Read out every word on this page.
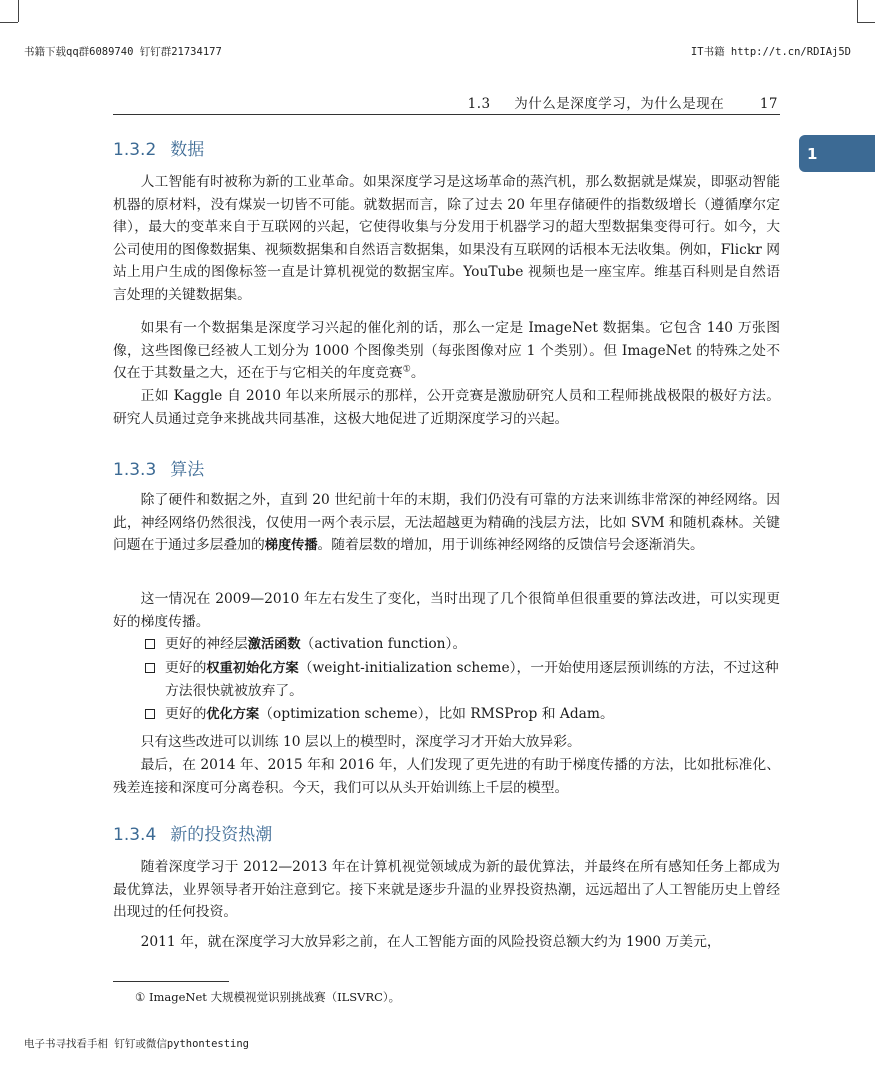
书籍下载qq群6089740 钉钉群21734177	IT书籍 http://t.cn/RDIAj5D
1.3 为什么是深度学习，为什么是现在	17
1
1.3.2 数据

人工智能有时被称为新的工业革命。如果深度学习是这场革命的蒸汽机，那么数据就是煤炭，即驱动智能机器的原材料，没有煤炭一切皆不可能。就数据而言，除了过去 20 年里存储硬件的指数级增长（遵循摩尔定律），最大的变革来自于互联网的兴起，它使得收集与分发用于机器学习的超大型数据集变得可行。如今，大公司使用的图像数据集、视频数据集和自然语言数据集，如果没有互联网的话根本无法收集。例如，Flickr 网站上用户生成的图像标签一直是计算机视觉的数据宝库。YouTube 视频也是一座宝库。维基百科则是自然语言处理的关键数据集。

如果有一个数据集是深度学习兴起的催化剂的话，那么一定是 ImageNet 数据集。它包含 140 万张图像，这些图像已经被人工划分为 1000 个图像类别（每张图像对应 1 个类别）。但 ImageNet 的特殊之处不仅在于其数量之大，还在于与它相关的年度竞赛①。

正如 Kaggle 自 2010 年以来所展示的那样，公开竞赛是激励研究人员和工程师挑战极限的极好方法。研究人员通过竞争来挑战共同基准，这极大地促进了近期深度学习的兴起。

1.3.3 算法

除了硬件和数据之外，直到 20 世纪前十年的末期，我们仍没有可靠的方法来训练非常深的神经网络。因此，神经网络仍然很浅，仅使用一两个表示层，无法超越更为精确的浅层方法，比如 SVM 和随机森林。关键问题在于通过多层叠加的梯度传播。随着层数的增加，用于训练神经网络的反馈信号会逐渐消失。

这一情况在 2009—2010 年左右发生了变化，当时出现了几个很简单但很重要的算法改进，可以实现更好的梯度传播。

更好的神经层激活函数（activation function）。
更好的权重初始化方案（weight-initialization scheme），一开始使用逐层预训练的方法，不过这种方法很快就被放弃了。
更好的优化方案（optimization scheme），比如 RMSProp 和 Adam。

只有这些改进可以训练 10 层以上的模型时，深度学习才开始大放异彩。

最后，在 2014 年、2015 年和 2016 年，人们发现了更先进的有助于梯度传播的方法，比如批标准化、残差连接和深度可分离卷积。今天，我们可以从头开始训练上千层的模型。

1.3.4 新的投资热潮

随着深度学习于 2012—2013 年在计算机视觉领域成为新的最优算法，并最终在所有感知任务上都成为最优算法，业界领导者开始注意到它。接下来就是逐步升温的业界投资热潮，远远超出了人工智能历史上曾经出现过的任何投资。

2011 年，就在深度学习大放异彩之前，在人工智能方面的风险投资总额大约为 1900 万美元，

① ImageNet 大规模视觉识别挑战赛（ILSVRC）。
电子书寻找看手相 钉钉或微信pythontesting
